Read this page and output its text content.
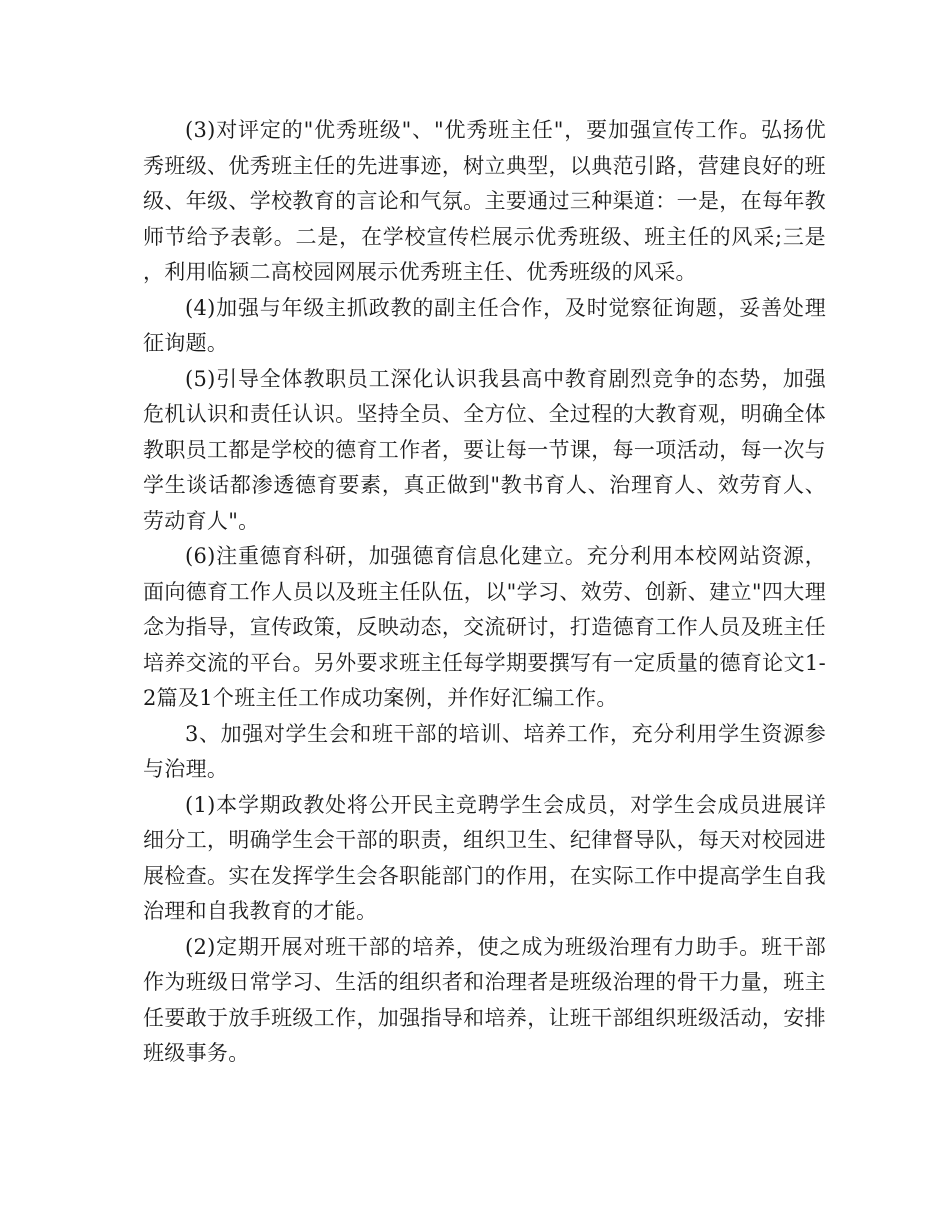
(3)对评定的"优秀班级"、"优秀班主任"，要加强宣传工作。弘扬优秀班级、优秀班主任的先进事迹，树立典型，以典范引路，营建良好的班级、年级、学校教育的言论和气氛。主要通过三种渠道：一是，在每年教师节给予表彰。二是，在学校宣传栏展示优秀班级、班主任的风采;三是，利用临颍二高校园网展示优秀班主任、优秀班级的风采。

(4)加强与年级主抓政教的副主任合作，及时觉察征询题，妥善处理征询题。

(5)引导全体教职员工深化认识我县高中教育剧烈竞争的态势，加强危机认识和责任认识。坚持全员、全方位、全过程的大教育观，明确全体教职员工都是学校的德育工作者，要让每一节课，每一项活动，每一次与学生谈话都渗透德育要素，真正做到"教书育人、治理育人、效劳育人、劳动育人"。

(6)注重德育科研，加强德育信息化建立。充分利用本校网站资源，面向德育工作人员以及班主任队伍，以"学习、效劳、创新、建立"四大理念为指导，宣传政策，反映动态，交流研讨，打造德育工作人员及班主任培养交流的平台。另外要求班主任每学期要撰写有一定质量的德育论文1-2篇及1个班主任工作成功案例，并作好汇编工作。

3、加强对学生会和班干部的培训、培养工作，充分利用学生资源参与治理。

(1)本学期政教处将公开民主竞聘学生会成员，对学生会成员进展详细分工，明确学生会干部的职责，组织卫生、纪律督导队，每天对校园进展检查。实在发挥学生会各职能部门的作用，在实际工作中提高学生自我治理和自我教育的才能。

(2)定期开展对班干部的培养，使之成为班级治理有力助手。班干部作为班级日常学习、生活的组织者和治理者是班级治理的骨干力量，班主任要敢于放手班级工作，加强指导和培养，让班干部组织班级活动，安排班级事务。
